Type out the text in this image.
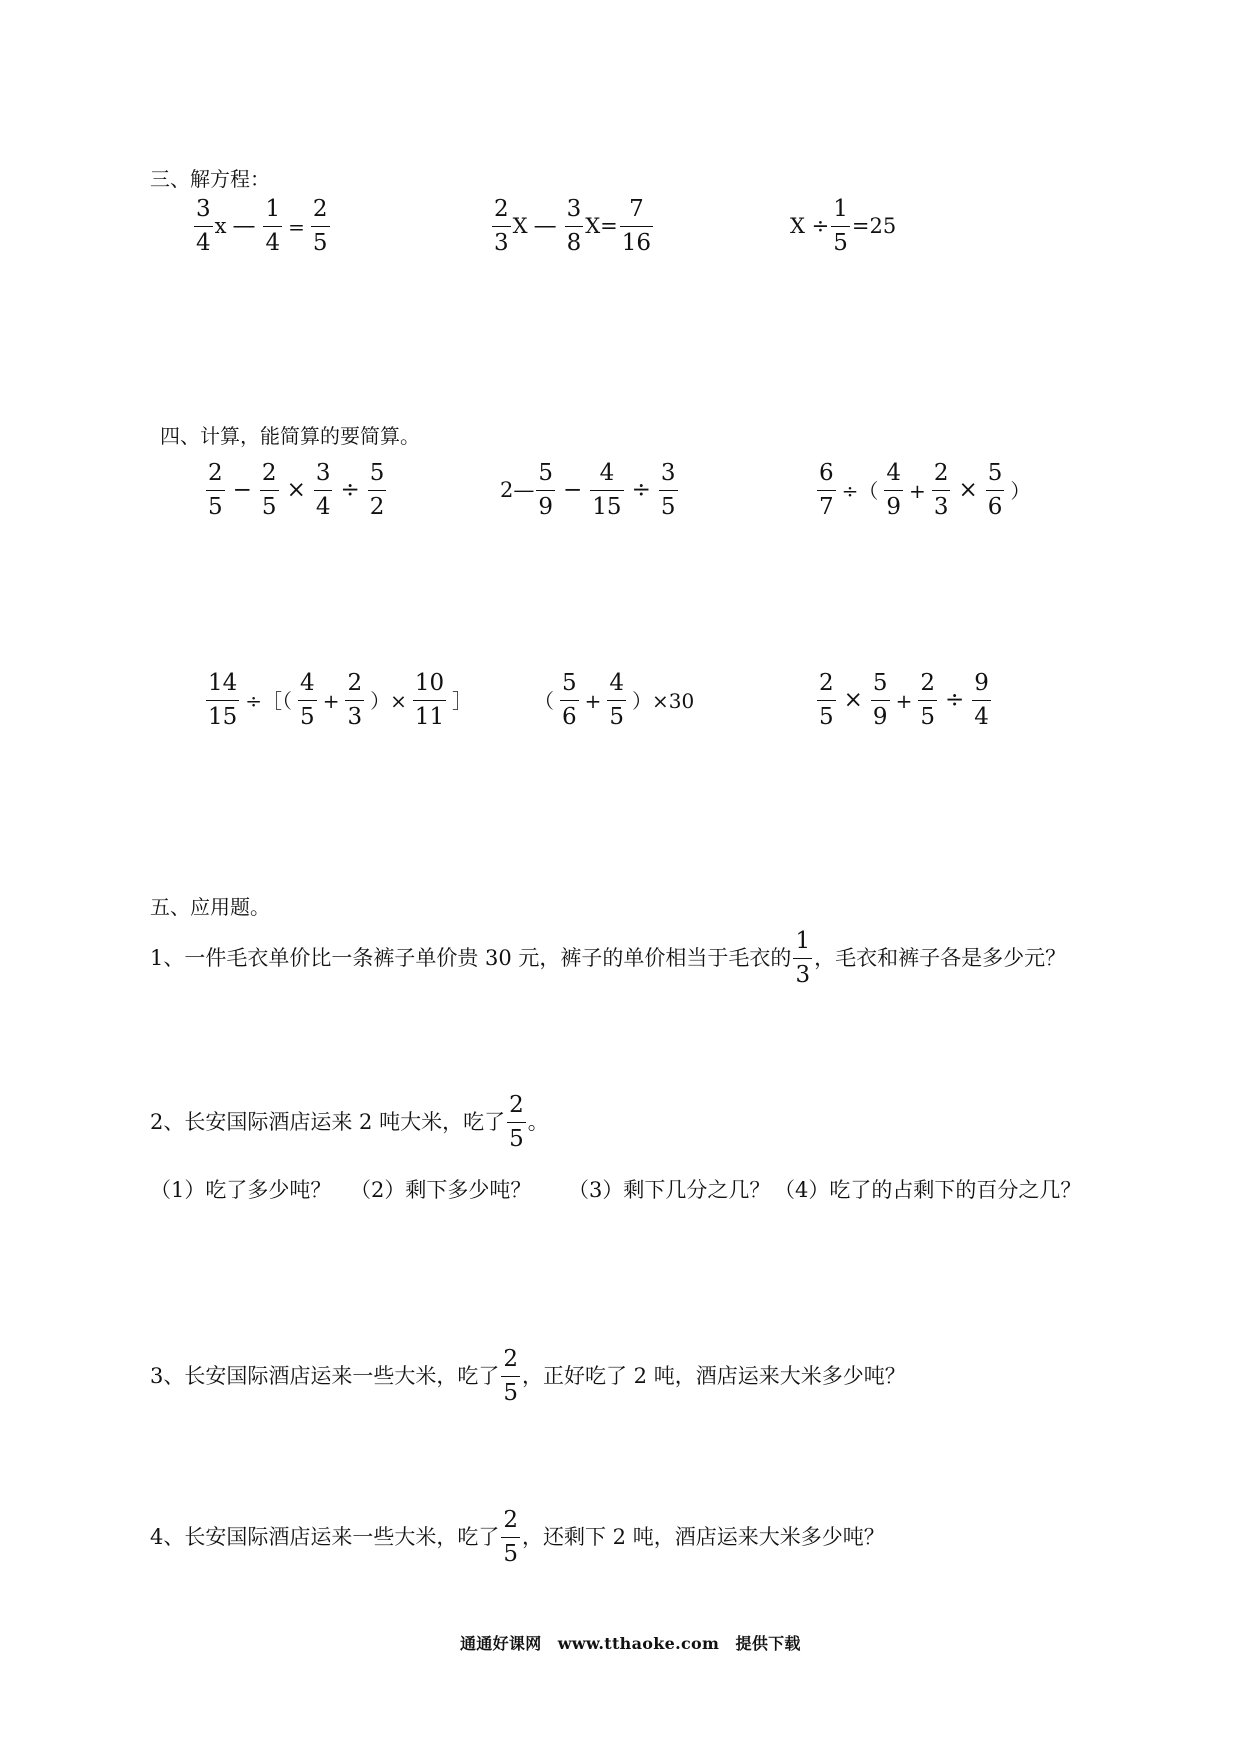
三、解方程：
$\frac{3}{4}$ x — $\frac{1}{4} = \frac{2}{5}$	$\frac{2}{3}$ X — $\frac{3}{8} X= \frac{7}{16}$	$X \div \frac{1}{5} =25$
四、计算，能简算的要简算。
$\frac{2}{5} - \frac{2}{5} \times \frac{3}{4} \div \frac{5}{2}$	2— $\frac{5}{9} - \frac{4}{15} \div \frac{3}{5}$	$\frac{6}{7}$ ÷（ $\frac{4}{9} + \frac{2}{3} \times \frac{5}{6}$ ）
$\frac{14}{15}$ ÷［（ $\frac{4}{5} + \frac{2}{3}$ ）× $\frac{10}{11}$ ］	（ $\frac{5}{6} + \frac{4}{5} )\times 30$	$\frac{2}{5} \times \frac{5}{9} + \frac{2}{5} \div \frac{9}{4}$
五、应用题。
1、一件毛衣单价比一条裤子单价贵 30 元，裤子的单价相当于毛衣的 $\frac{1}{3}$ ，毛衣和裤子各是多少元？
2、长安国际酒店运来 2 吨大米，吃了 $\frac{2}{5}$ 。
（1）吃了多少吨？ （2）剩下多少吨？ （3）剩下几分之几？ （4）吃了的占剩下的百分之几？
3、长安国际酒店运来一些大米，吃了 $\frac{2}{5}$ ，正好吃了 2 吨，酒店运来大米多少吨？
4、长安国际酒店运来一些大米，吃了 $\frac{2}{5}$ ，还剩下 2 吨，酒店运来大米多少吨？
通通好课网　www.tthaoke.com　提供下载
